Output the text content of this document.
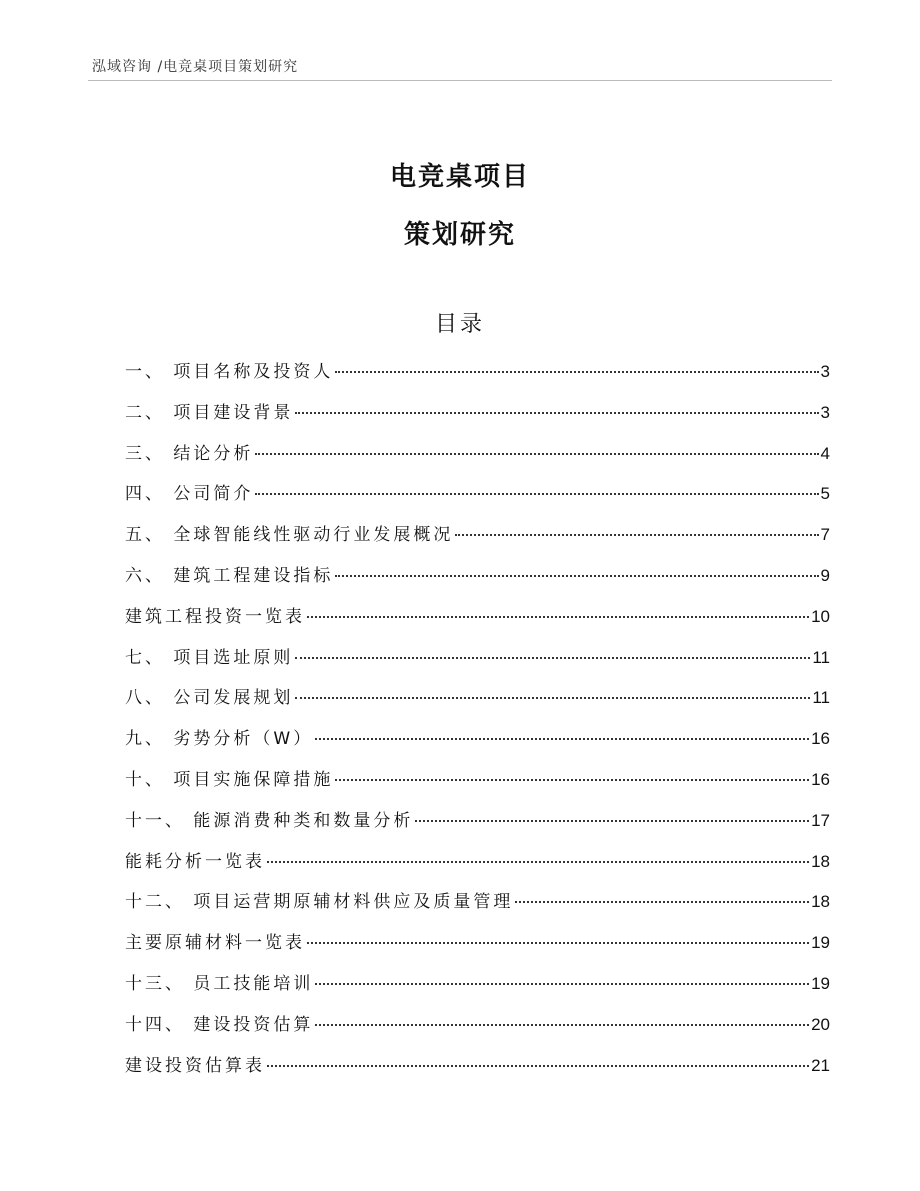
泓域咨询 /电竞桌项目策划研究
电竞桌项目
策划研究
目录
一、 项目名称及投资人	3
二、 项目建设背景	3
三、 结论分析	4
四、 公司简介	5
五、 全球智能线性驱动行业发展概况	7
六、 建筑工程建设指标	9
建筑工程投资一览表	10
七、 项目选址原则	11
八、 公司发展规划	11
九、 劣势分析（W）	16
十、 项目实施保障措施	16
十一、 能源消费种类和数量分析	17
能耗分析一览表	18
十二、 项目运营期原辅材料供应及质量管理	18
主要原辅材料一览表	19
十三、 员工技能培训	19
十四、 建设投资估算	20
建设投资估算表	21
